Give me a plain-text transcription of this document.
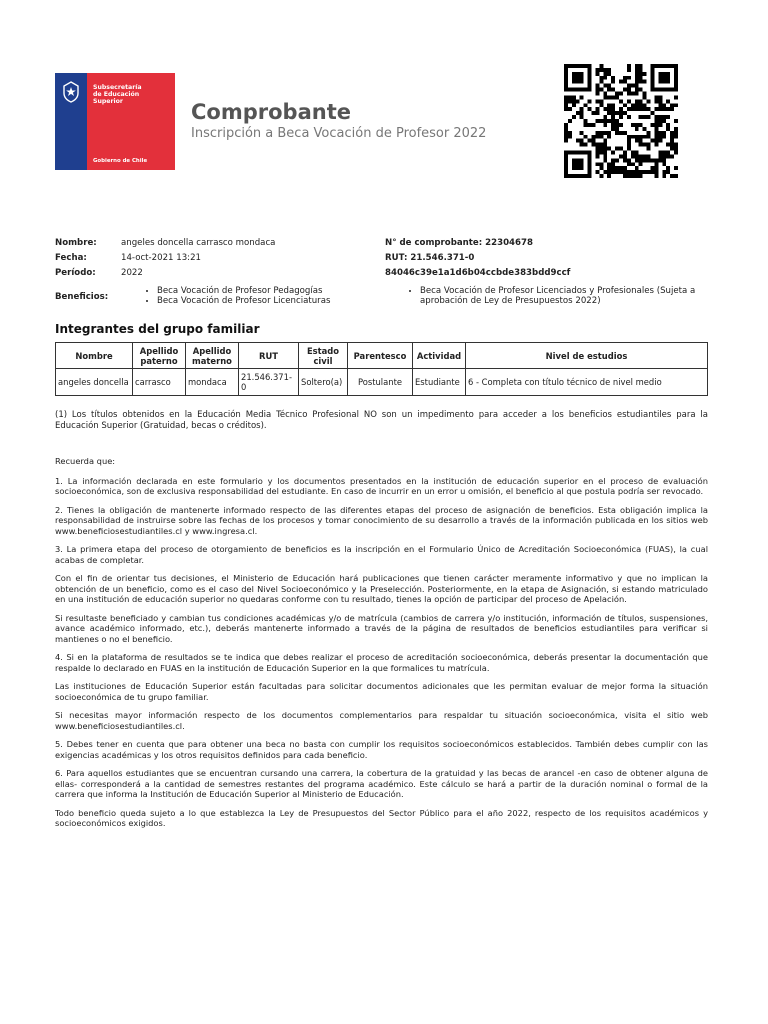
Subsecretaría
de Educación
Superior
Gobierno de Chile
Comprobante
Inscripción a Beca Vocación de Profesor 2022
Nombre:	angeles doncella carrasco mondaca
Fecha:	14-oct-2021 13:21
Período:	2022
N° de comprobante: 22304678
RUT: 21.546.371-0
84046c39e1a1d6b04ccbde383bdd9ccf
Beneficios:
• Beca Vocación de Profesor Pedagogías
• Beca Vocación de Profesor Licenciaturas
• Beca Vocación de Profesor Licenciados y Profesionales (Sujeta a aprobación de Ley de Presupuestos 2022)
Integrantes del grupo familiar
Nombre	Apellido paterno	Apellido materno	RUT	Estado civil	Parentesco	Actividad	Nivel de estudios
angeles doncella	carrasco	mondaca	21.546.371-0	Soltero(a)	Postulante	Estudiante	6 - Completa con título técnico de nivel medio
(1) Los títulos obtenidos en la Educación Media Técnico Profesional NO son un impedimento para acceder a los beneficios estudiantiles para la Educación Superior (Gratuidad, becas o créditos).

Recuerda que:

1. La información declarada en este formulario y los documentos presentados en la institución de educación superior en el proceso de evaluación socioeconómica, son de exclusiva responsabilidad del estudiante. En caso de incurrir en un error u omisión, el beneficio al que postula podría ser revocado.

2. Tienes la obligación de mantenerte informado respecto de las diferentes etapas del proceso de asignación de beneficios. Esta obligación implica la responsabilidad de instruirse sobre las fechas de los procesos y tomar conocimiento de su desarrollo a través de la información publicada en los sitios web www.beneficiosestudiantiles.cl y www.ingresa.cl.

3. La primera etapa del proceso de otorgamiento de beneficios es la inscripción en el Formulario Único de Acreditación Socioeconómica (FUAS), la cual acabas de completar.

Con el fin de orientar tus decisiones, el Ministerio de Educación hará publicaciones que tienen carácter meramente informativo y que no implican la obtención de un beneficio, como es el caso del Nivel Socioeconómico y la Preselección. Posteriormente, en la etapa de Asignación, si estando matriculado en una institución de educación superior no quedaras conforme con tu resultado, tienes la opción de participar del proceso de Apelación.

Si resultaste beneficiado y cambian tus condiciones académicas y/o de matrícula (cambios de carrera y/o institución, información de títulos, suspensiones, avance académico informado, etc.), deberás mantenerte informado a través de la página de resultados de beneficios estudiantiles para verificar si mantienes o no el beneficio.

4. Si en la plataforma de resultados se te indica que debes realizar el proceso de acreditación socioeconómica, deberás presentar la documentación que respalde lo declarado en FUAS en la institución de Educación Superior en la que formalices tu matrícula.

Las instituciones de Educación Superior están facultadas para solicitar documentos adicionales que les permitan evaluar de mejor forma la situación socioeconómica de tu grupo familiar.

Si necesitas mayor información respecto de los documentos complementarios para respaldar tu situación socioeconómica, visita el sitio web www.beneficiosestudiantiles.cl.

5. Debes tener en cuenta que para obtener una beca no basta con cumplir los requisitos socioeconómicos establecidos. También debes cumplir con las exigencias académicas y los otros requisitos definidos para cada beneficio.

6. Para aquellos estudiantes que se encuentran cursando una carrera, la cobertura de la gratuidad y las becas de arancel -en caso de obtener alguna de ellas- corresponderá a la cantidad de semestres restantes del programa académico. Este cálculo se hará a partir de la duración nominal o formal de la carrera que informa la Institución de Educación Superior al Ministerio de Educación.

Todo beneficio queda sujeto a lo que establezca la Ley de Presupuestos del Sector Público para el año 2022, respecto de los requisitos académicos y socioeconómicos exigidos.
